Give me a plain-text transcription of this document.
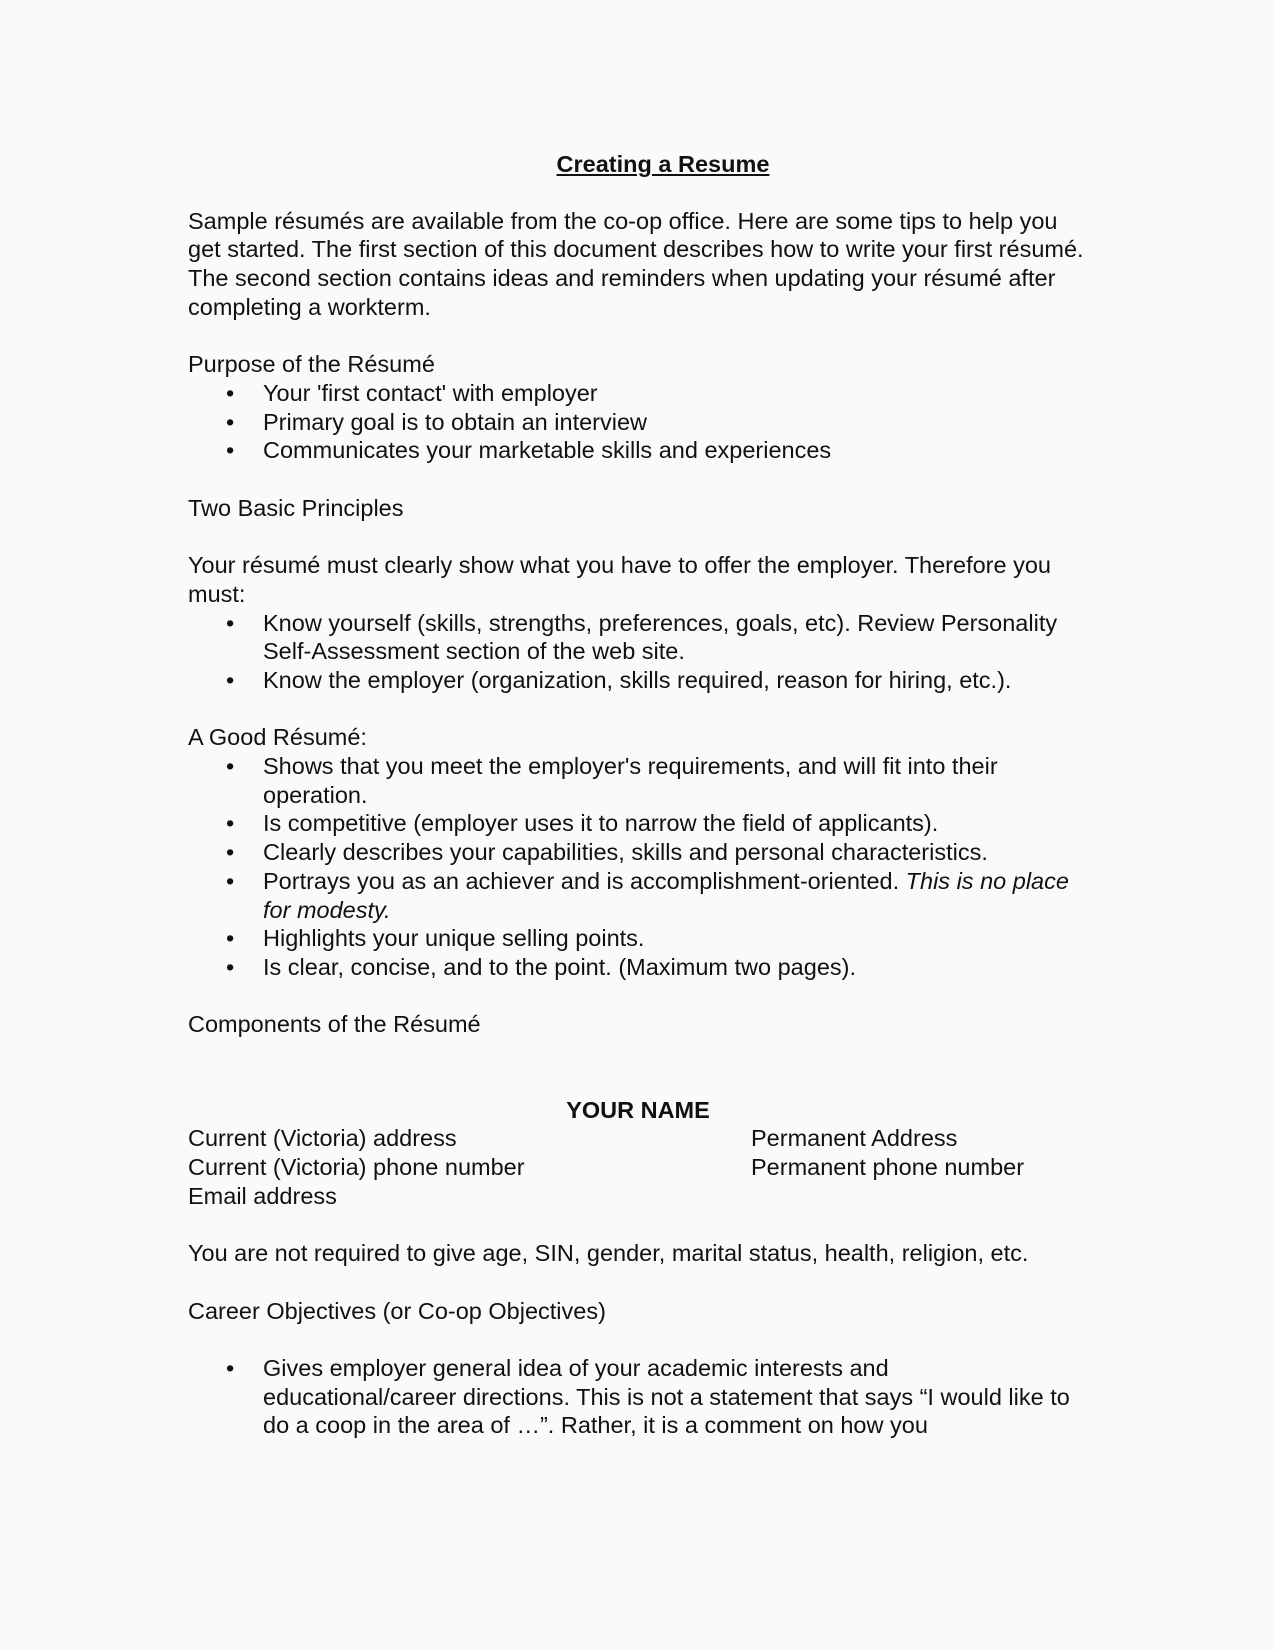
Creating a Resume

Sample résumés are available from the co-op office. Here are some tips to help you get started. The first section of this document describes how to write your first résumé. The second section contains ideas and reminders when updating your résumé after completing a workterm.

Purpose of the Résumé

• Your 'first contact' with employer
• Primary goal is to obtain an interview
• Communicates your marketable skills and experiences

Two Basic Principles

Your résumé must clearly show what you have to offer the employer. Therefore you must:

• Know yourself (skills, strengths, preferences, goals, etc). Review Personality Self-Assessment section of the web site.
• Know the employer (organization, skills required, reason for hiring, etc.).

A Good Résumé:

• Shows that you meet the employer's requirements, and will fit into their operation.
• Is competitive (employer uses it to narrow the field of applicants).
• Clearly describes your capabilities, skills and personal characteristics.
• Portrays you as an achiever and is accomplishment-oriented. This is no place for modesty.
• Highlights your unique selling points.
• Is clear, concise, and to the point. (Maximum two pages).

Components of the Résumé

YOUR NAME
Current (Victoria) address
Current (Victoria) phone number
Email address
Permanent Address
Permanent phone number

You are not required to give age, SIN, gender, marital status, health, religion, etc.

Career Objectives (or Co-op Objectives)

• Gives employer general idea of your academic interests and educational/career directions. This is not a statement that says “I would like to do a coop in the area of …”. Rather, it is a comment on how you
